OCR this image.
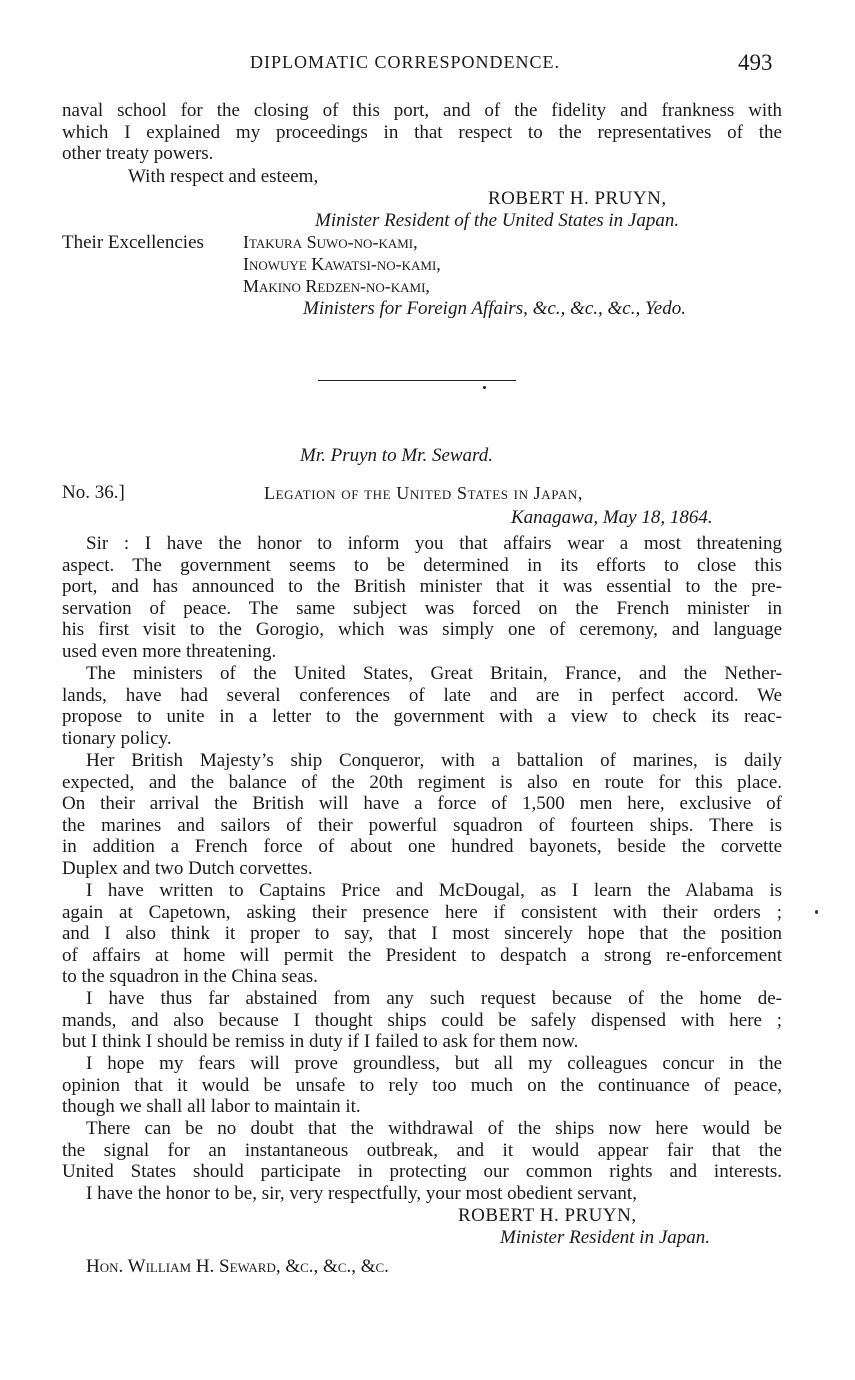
DIPLOMATIC CORRESPONDENCE.	493
naval school for the closing of this port, and of the fidelity and frankness with
which I explained my proceedings in that respect to the representatives of the
other treaty powers.
With respect and esteem,
ROBERT H. PRUYN,
Minister Resident of the United States in Japan.
Their Excellencies Itakura Suwo-no-kami,
Inowuye Kawatsi-no-kami,
Makino Redzen-no-kami,
Ministers for Foreign Affairs, &c., &c., &c., Yedo.
Mr. Pruyn to Mr. Seward.
No. 36.]	Legation of the United States in Japan,
Kanagawa, May 18, 1864.
Sir : I have the honor to inform you that affairs wear a most threatening
aspect. The government seems to be determined in its efforts to close this
port, and has announced to the British minister that it was essential to the pre-
servation of peace. The same subject was forced on the French minister in
his first visit to the Gorogio, which was simply one of ceremony, and language
used even more threatening.
The ministers of the United States, Great Britain, France, and the Nether-
lands, have had several conferences of late and are in perfect accord. We
propose to unite in a letter to the government with a view to check its reac-
tionary policy.
Her British Majesty’s ship Conqueror, with a battalion of marines, is daily
expected, and the balance of the 20th regiment is also en route for this place.
On their arrival the British will have a force of 1,500 men here, exclusive of
the marines and sailors of their powerful squadron of fourteen ships. There is
in addition a French force of about one hundred bayonets, beside the corvette
Duplex and two Dutch corvettes.
I have written to Captains Price and McDougal, as I learn the Alabama is
again at Capetown, asking their presence here if consistent with their orders ;
and I also think it proper to say, that I most sincerely hope that the position
of affairs at home will permit the President to despatch a strong re-enforcement
to the squadron in the China seas.
I have thus far abstained from any such request because of the home de-
mands, and also because I thought ships could be safely dispensed with here ;
but I think I should be remiss in duty if I failed to ask for them now.
I hope my fears will prove groundless, but all my colleagues concur in the
opinion that it would be unsafe to rely too much on the continuance of peace,
though we shall all labor to maintain it.
There can be no doubt that the withdrawal of the ships now here would be
the signal for an instantaneous outbreak, and it would appear fair that the
United States should participate in protecting our common rights and interests.
I have the honor to be, sir, very respectfully, your most obedient servant,
ROBERT H. PRUYN,
Minister Resident in Japan.
Hon. William H. Seward, &c., &c., &c.
